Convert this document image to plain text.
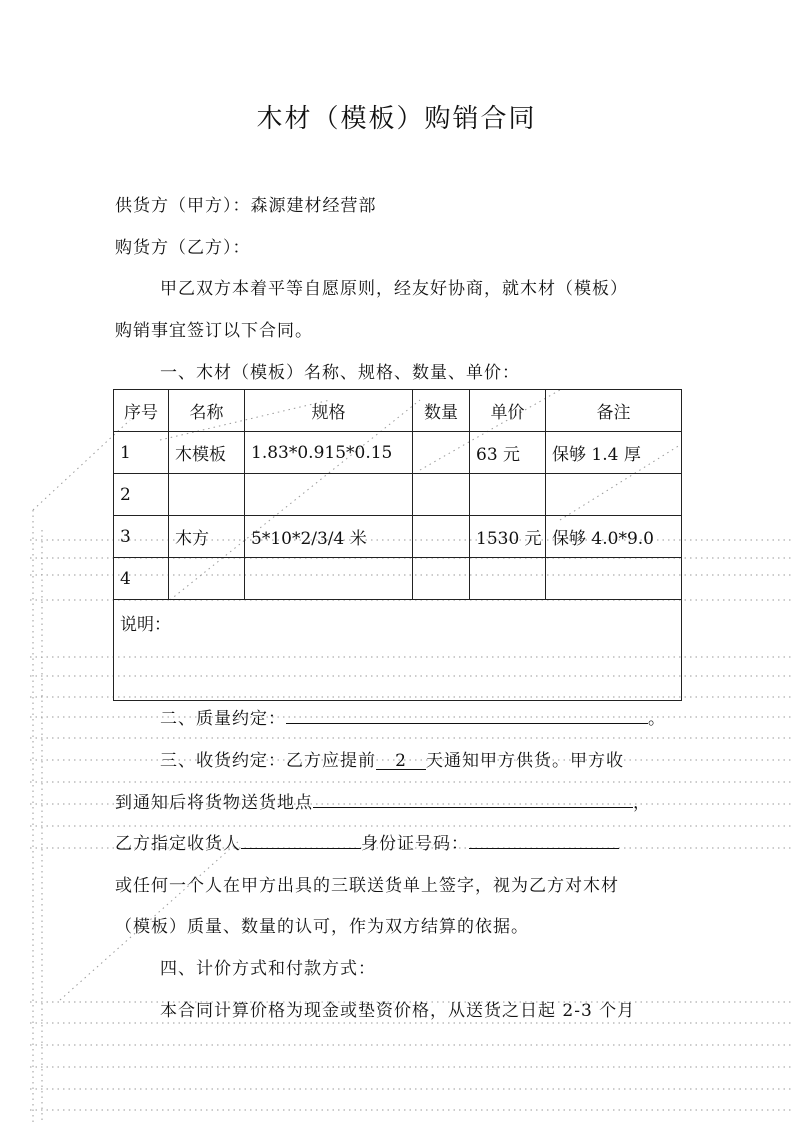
木材（模板）购销合同
供货方（甲方）：森源建材经营部
购货方（乙方）：
甲乙双方本着平等自愿原则，经友好协商，就木材（模板）
购销事宜签订以下合同。
一、木材（模板）名称、规格、数量、单价：
序号	名称	规格	数量	单价	备注
1	木模板	1.83*0.915*0.15		63 元	保够 1.4 厚
2					
3	木方	5*10*2/3/4 米		1530 元	保够 4.0*9.0
4					
说明：					
二、质量约定：	。
三、收货约定：乙方应提前 2 天通知甲方供货。甲方收
到通知后将货物送货地点	，
乙方指定收货人	身份证号码：
或任何一个人在甲方出具的三联送货单上签字，视为乙方对木材
（模板）质量、数量的认可，作为双方结算的依据。
四、计价方式和付款方式：
本合同计算价格为现金或垫资价格，从送货之日起 2-3 个月
